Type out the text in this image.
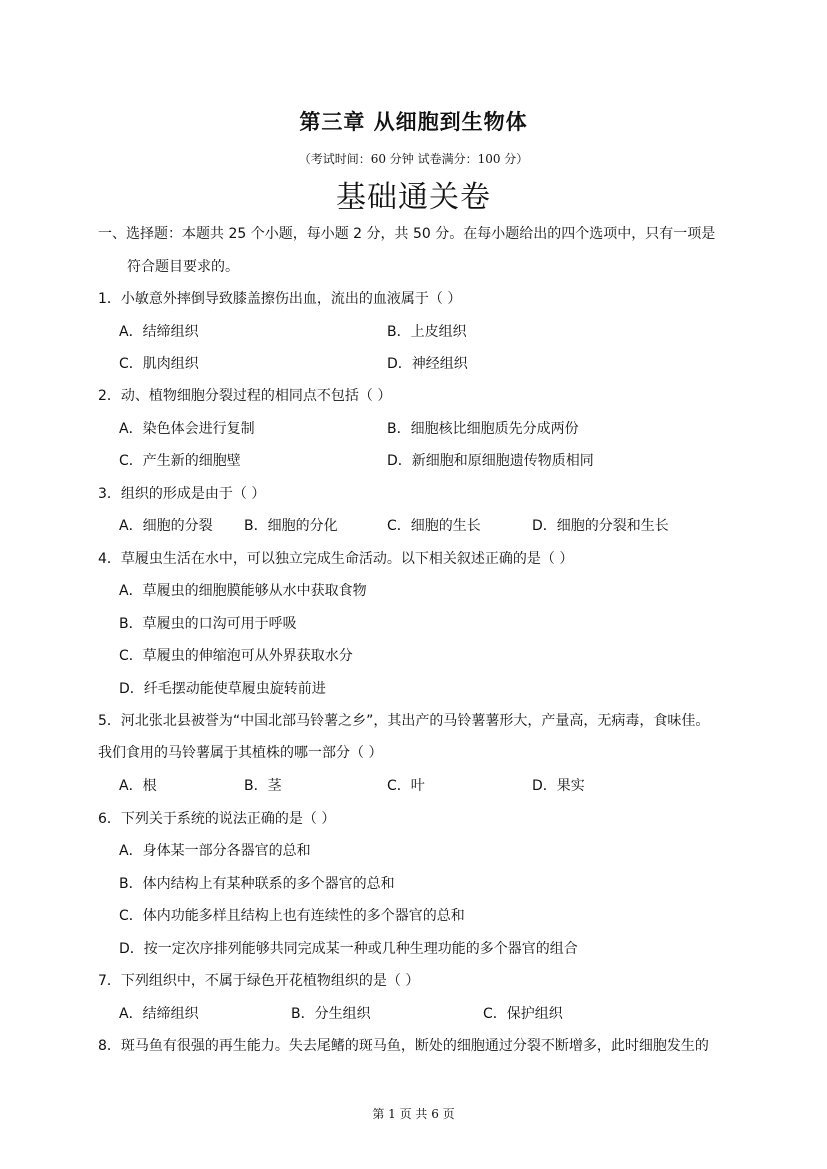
第三章 从细胞到生物体
（考试时间：60 分钟 试卷满分：100 分）
基础通关卷
一、选择题：本题共 25 个小题，每小题 2 分，共 50 分。在每小题给出的四个选项中，只有一项是
符合题目要求的。
1．小敏意外摔倒导致膝盖擦伤出血，流出的血液属于（ ）
A．结缔组织	B．上皮组织
C．肌肉组织	D．神经组织
2．动、植物细胞分裂过程的相同点不包括（ ）
A．染色体会进行复制	B．细胞核比细胞质先分成两份
C．产生新的细胞壁	D．新细胞和原细胞遗传物质相同
3．组织的形成是由于（ ）
A．细胞的分裂 B．细胞的分化	C．细胞的生长	D．细胞的分裂和生长
4．草履虫生活在水中，可以独立完成生命活动。以下相关叙述正确的是（ ）
A．草履虫的细胞膜能够从水中获取食物
B．草履虫的口沟可用于呼吸
C．草履虫的伸缩泡可从外界获取水分
D．纤毛摆动能使草履虫旋转前进
5．河北张北县被誉为“中国北部马铃薯之乡”，其出产的马铃薯薯形大，产量高，无病毒，食味佳。
我们食用的马铃薯属于其植株的哪一部分（ ）
A．根	B．茎	C．叶	D．果实
6．下列关于系统的说法正确的是（ ）
A．身体某一部分各器官的总和
B．体内结构上有某种联系的多个器官的总和
C．体内功能多样且结构上也有连续性的多个器官的总和
D．按一定次序排列能够共同完成某一种或几种生理功能的多个器官的组合
7．下列组织中，不属于绿色开花植物组织的是（ ）
A．结缔组织	B．分生组织	C．保护组织
8．斑马鱼有很强的再生能力。失去尾鳍的斑马鱼，断处的细胞通过分裂不断增多，此时细胞发生的
第 1 页 共 6 页
